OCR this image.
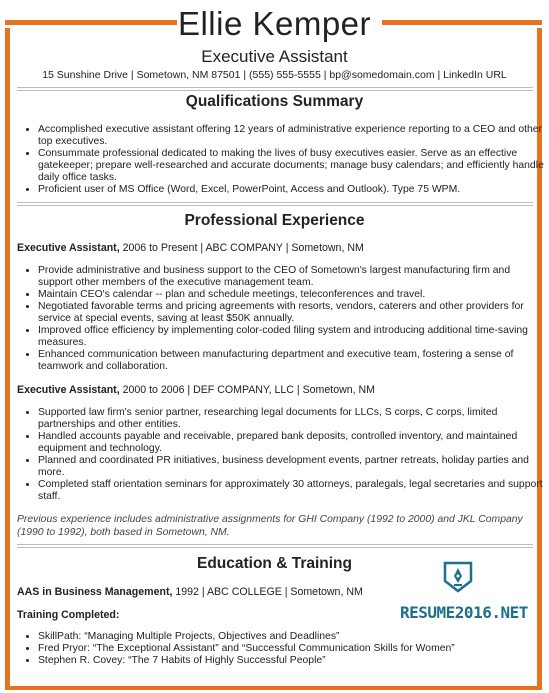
Ellie Kemper
Executive Assistant
15 Sunshine Drive | Sometown, NM 87501 | (555) 555-5555 | bp@somedomain.com | LinkedIn URL
Qualifications Summary
• Accomplished executive assistant offering 12 years of administrative experience reporting to a CEO and other top executives.
• Consummate professional dedicated to making the lives of busy executives easier. Serve as an effective gatekeeper; prepare well-researched and accurate documents; manage busy calendars; and efficiently handle daily office tasks.
• Proficient user of MS Office (Word, Excel, PowerPoint, Access and Outlook). Type 75 WPM.
Professional Experience
Executive Assistant, 2006 to Present | ABC COMPANY | Sometown, NM
• Provide administrative and business support to the CEO of Sometown's largest manufacturing firm and support other members of the executive management team.
• Maintain CEO's calendar -- plan and schedule meetings, teleconferences and travel.
• Negotiated favorable terms and pricing agreements with resorts, vendors, caterers and other providers for service at special events, saving at least $50K annually.
• Improved office efficiency by implementing color-coded filing system and introducing additional time-saving measures.
• Enhanced communication between manufacturing department and executive team, fostering a sense of teamwork and collaboration.
Executive Assistant, 2000 to 2006 | DEF COMPANY, LLC | Sometown, NM
• Supported law firm's senior partner, researching legal documents for LLCs, S corps, C corps, limited partnerships and other entities.
• Handled accounts payable and receivable, prepared bank deposits, controlled inventory, and maintained equipment and technology.
• Planned and coordinated PR initiatives, business development events, partner retreats, holiday parties and more.
• Completed staff orientation seminars for approximately 30 attorneys, paralegals, legal secretaries and support staff.
Previous experience includes administrative assignments for GHI Company (1992 to 2000) and JKL Company (1990 to 1992), both based in Sometown, NM.
Education & Training
AAS in Business Management, 1992 | ABC COLLEGE | Sometown, NM
Training Completed:
• SkillPath: “Managing Multiple Projects, Objectives and Deadlines”
• Fred Pryor: “The Exceptional Assistant” and “Successful Communication Skills for Women”
• Stephen R. Covey: “The 7 Habits of Highly Successful People”
RESUME2016.NET
